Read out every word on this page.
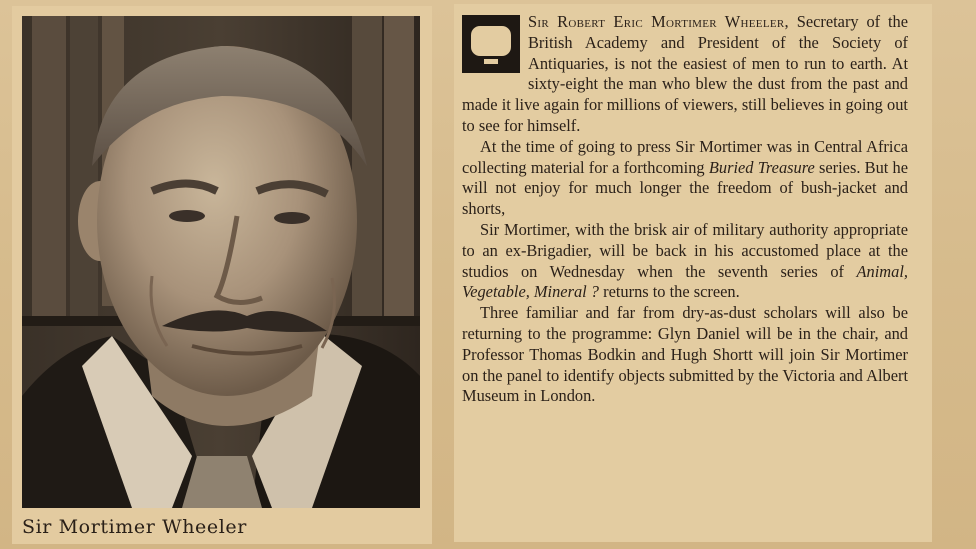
Sir Mortimer Wheeler

Sir Robert Eric Mortimer Wheeler, Secretary of the British Academy and President of the Society of Antiquaries, is not the easiest of men to run to earth. At sixty-eight the man who blew the dust from the past and made it live again for millions of viewers, still believes in going out to see for himself.

At the time of going to press Sir Mortimer was in Central Africa collecting material for a forthcoming Buried Treasure series. But he will not enjoy for much longer the freedom of bush-jacket and shorts,

Sir Mortimer, with the brisk air of military authority appropriate to an ex-Brigadier, will be back in his accustomed place at the studios on Wednesday when the seventh series of Animal, Vegetable, Mineral ? returns to the screen.

Three familiar and far from dry-as-dust scholars will also be returning to the programme: Glyn Daniel will be in the chair, and Professor Thomas Bodkin and Hugh Shortt will join Sir Mortimer on the panel to identify objects submitted by the Victoria and Albert Museum in London.
